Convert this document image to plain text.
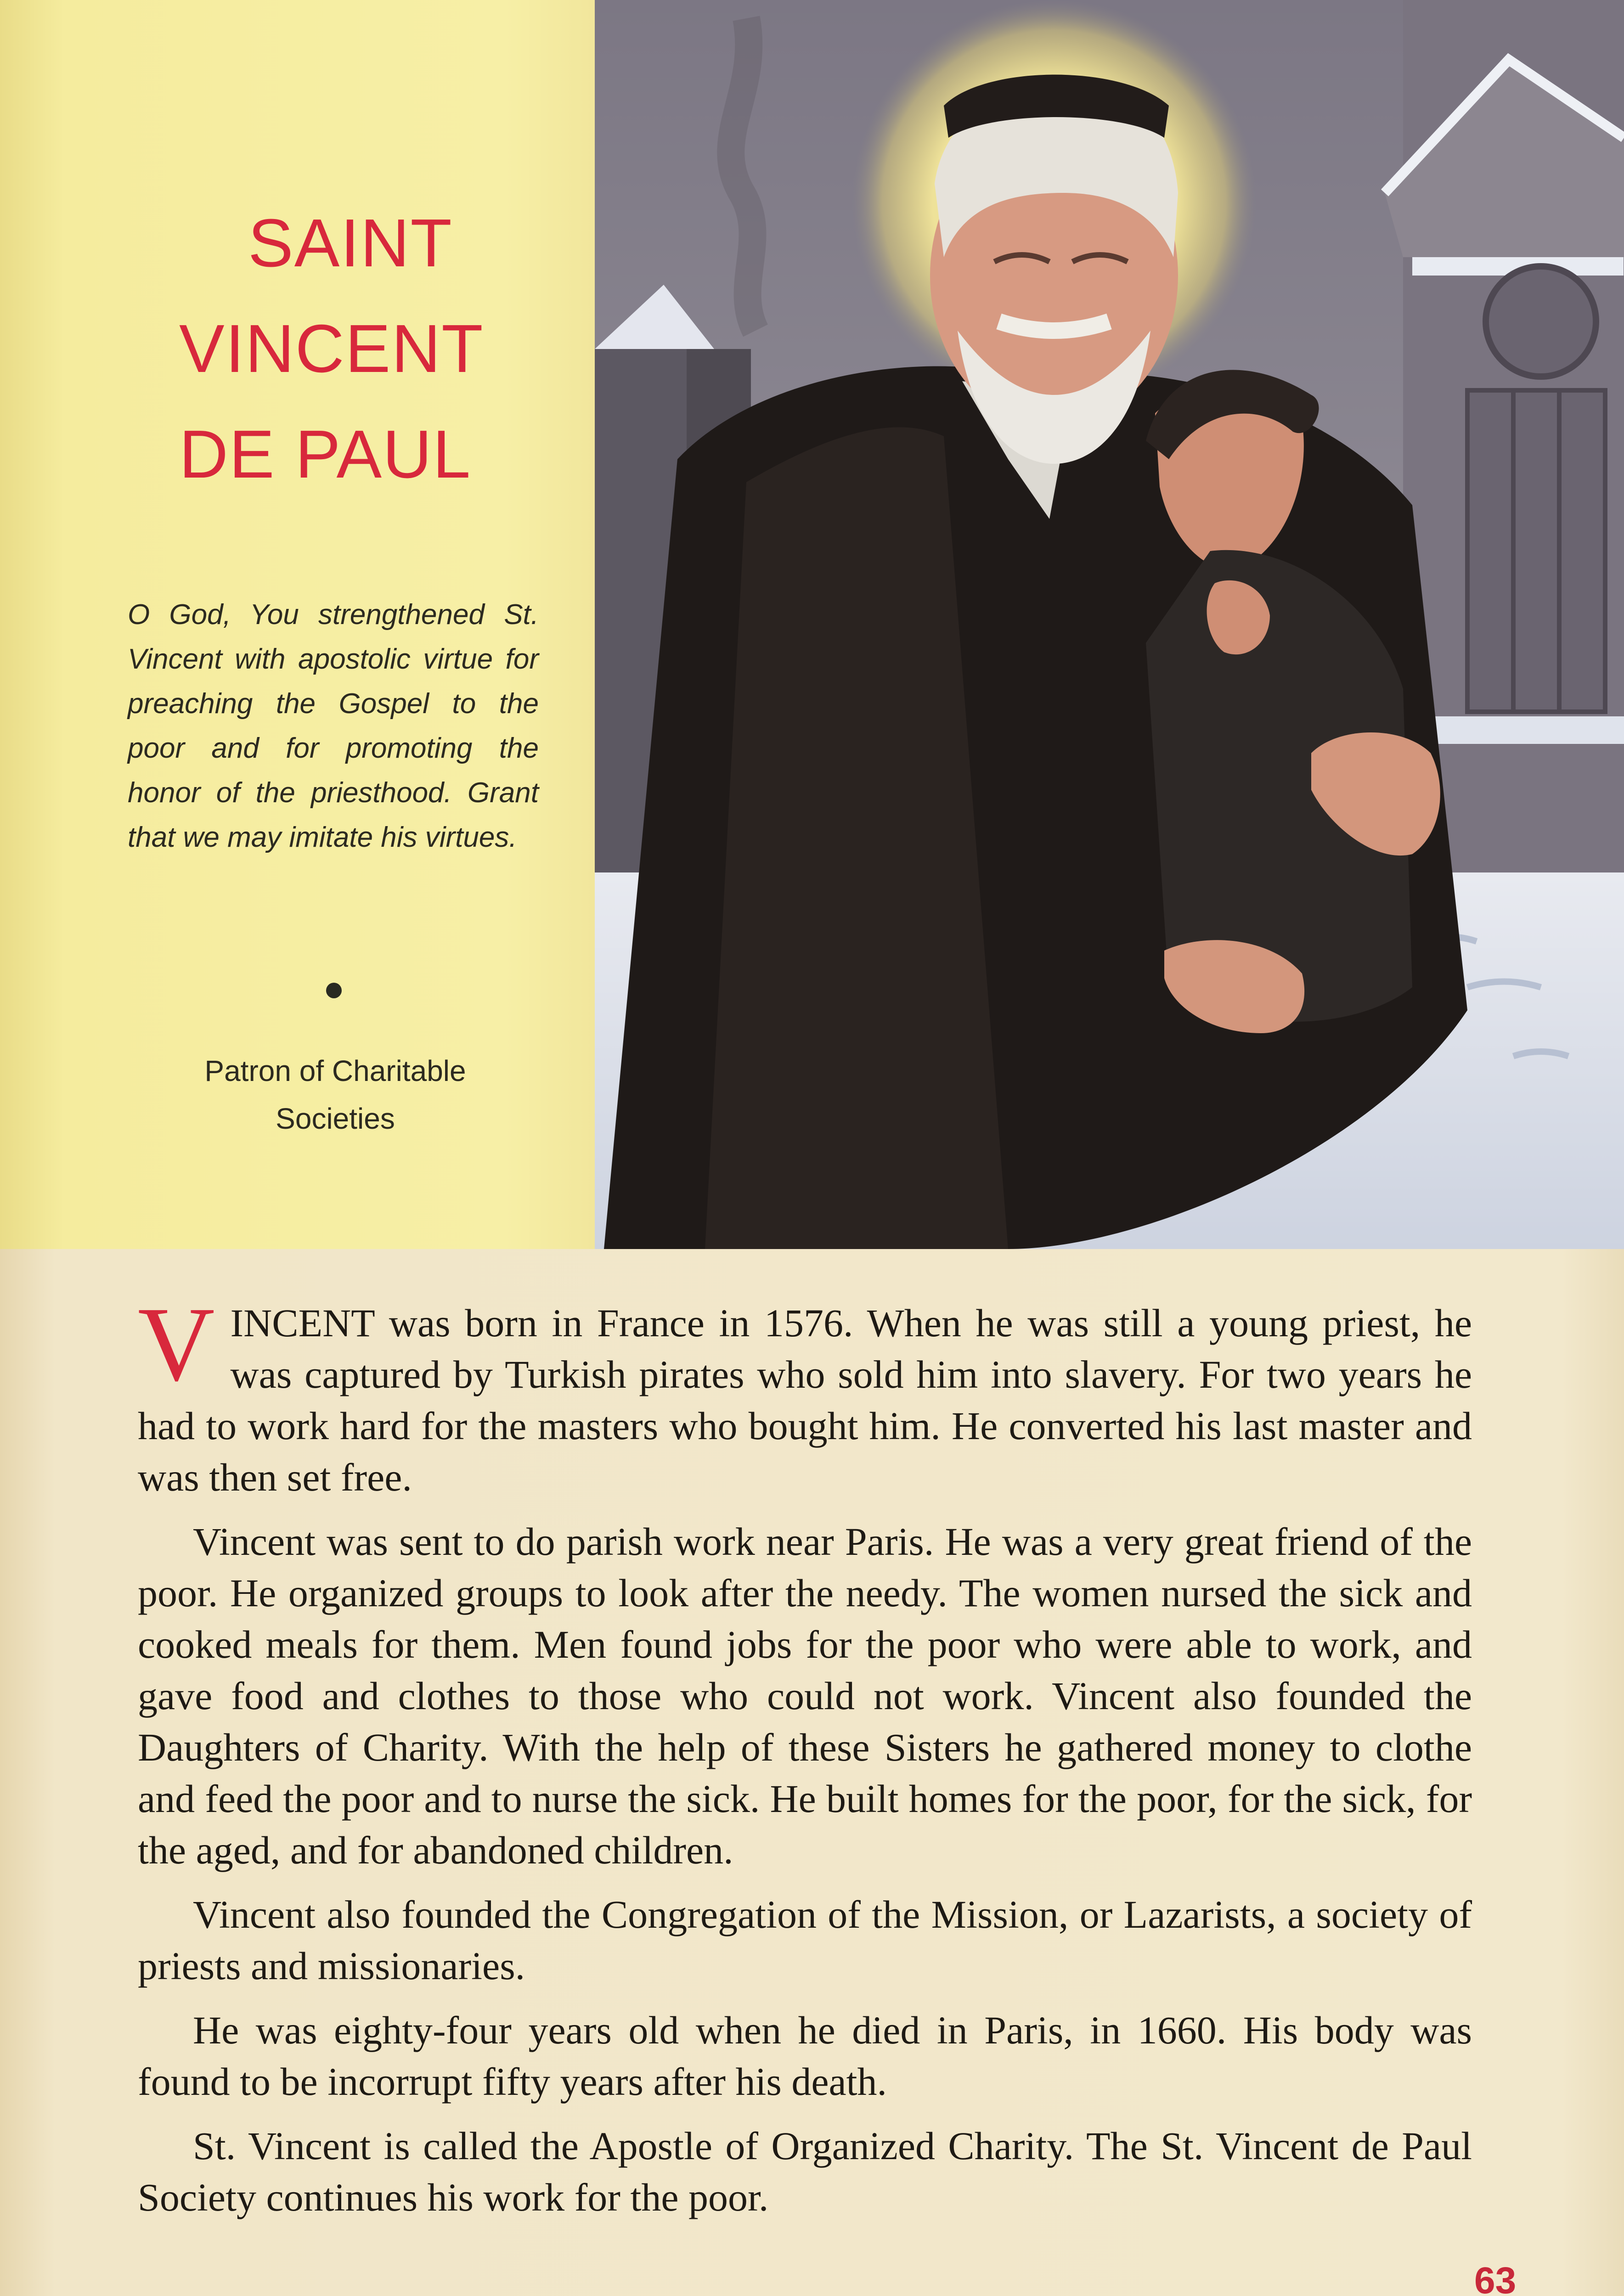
SAINT
VINCENT
DE PAUL
O God, You strengthened St. Vincent with apostolic virtue for preaching the Gospel to the poor and for promoting the honor of the priesthood. Grant that we may imitate his virtues.
Patron of Charitable Societies

VINCENT was born in France in 1576. When he was still a young priest, he was captured by Turkish pirates who sold him into slavery. For two years he had to work hard for the masters who bought him. He converted his last master and was then set free.

Vincent was sent to do parish work near Paris. He was a very great friend of the poor. He organized groups to look after the needy. The women nursed the sick and cooked meals for them. Men found jobs for the poor who were able to work, and gave food and clothes to those who could not work. Vincent also founded the Daughters of Charity. With the help of these Sisters he gathered money to clothe and feed the poor and to nurse the sick. He built homes for the poor, for the sick, for the aged, and for abandoned children.

Vincent also founded the Congregation of the Mission, or Lazarists, a society of priests and missionaries.

He was eighty-four years old when he died in Paris, in 1660. His body was found to be incorrupt fifty years after his death.

St. Vincent is called the Apostle of Organized Charity. The St. Vincent de Paul Society continues his work for the poor.

63
